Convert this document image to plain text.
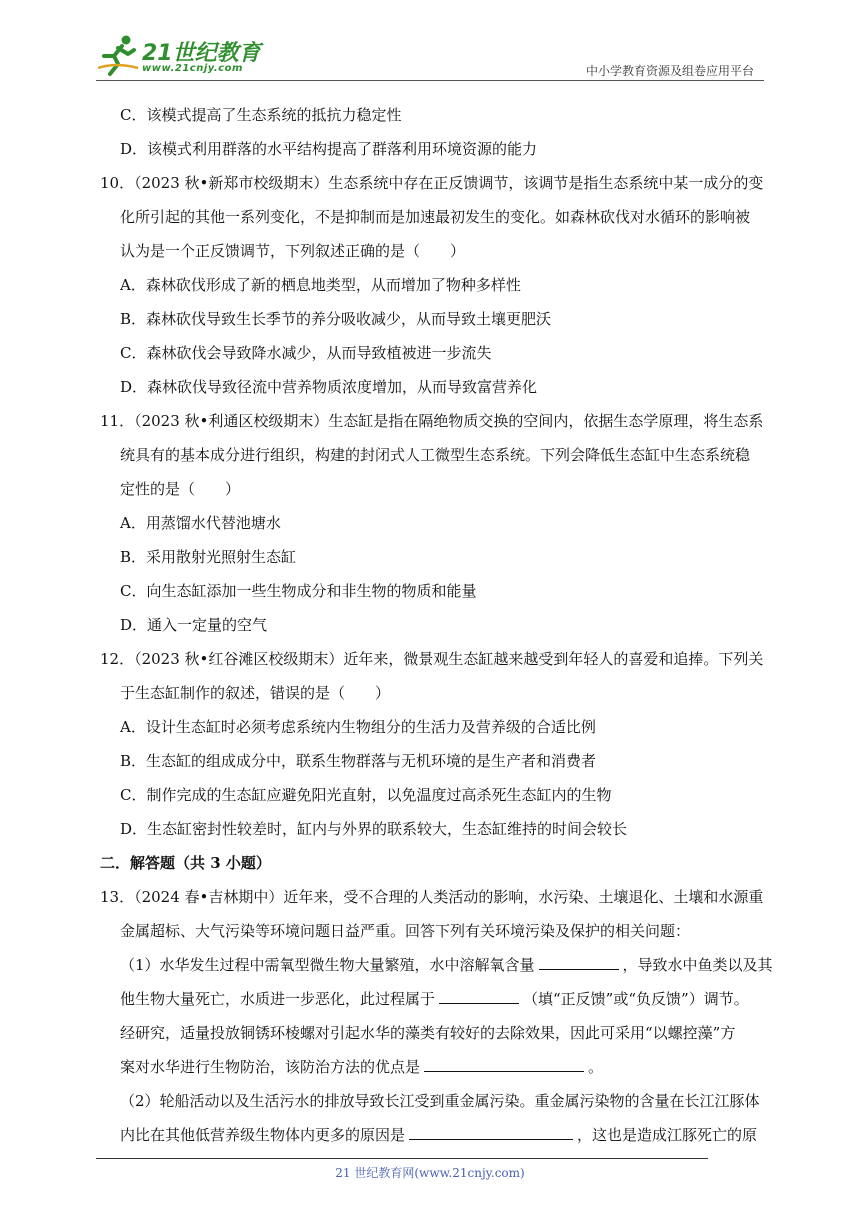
21世纪教育
www.21cnjy.com	中小学教育资源及组卷应用平台
C．该模式提高了生态系统的抵抗力稳定性
D．该模式利用群落的水平结构提高了群落利用环境资源的能力
10．（2023 秋•新郑市校级期末）生态系统中存在正反馈调节，该调节是指生态系统中某一成分的变
化所引起的其他一系列变化，不是抑制而是加速最初发生的变化。如森林砍伐对水循环的影响被
认为是一个正反馈调节，下列叙述正确的是（　　）
A．森林砍伐形成了新的栖息地类型，从而增加了物种多样性
B．森林砍伐导致生长季节的养分吸收减少，从而导致土壤更肥沃
C．森林砍伐会导致降水减少，从而导致植被进一步流失
D．森林砍伐导致径流中营养物质浓度增加，从而导致富营养化
11．（2023 秋•利通区校级期末）生态缸是指在隔绝物质交换的空间内，依据生态学原理，将生态系
统具有的基本成分进行组织，构建的封闭式人工微型生态系统。下列会降低生态缸中生态系统稳
定性的是（　　）
A．用蒸馏水代替池塘水
B．采用散射光照射生态缸
C．向生态缸添加一些生物成分和非生物的物质和能量
D．通入一定量的空气
12．（2023 秋•红谷滩区校级期末）近年来，微景观生态缸越来越受到年轻人的喜爱和追捧。下列关
于生态缸制作的叙述，错误的是（　　）
A．设计生态缸时必须考虑系统内生物组分的生活力及营养级的合适比例
B．生态缸的组成成分中，联系生物群落与无机环境的是生产者和消费者
C．制作完成的生态缸应避免阳光直射，以免温度过高杀死生态缸内的生物
D．生态缸密封性较差时，缸内与外界的联系较大，生态缸维持的时间会较长
二．解答题（共 3 小题）
13．（2024 春•吉林期中）近年来，受不合理的人类活动的影响，水污染、土壤退化、土壤和水源重
金属超标、大气污染等环境问题日益严重。回答下列有关环境污染及保护的相关问题：
（1）水华发生过程中需氧型微生物大量繁殖，水中溶解氧含量	，导致水中鱼类以及其
他生物大量死亡，水质进一步恶化，此过程属于	（填“正反馈”或“负反馈”）调节。
经研究，适量投放铜锈环棱螺对引起水华的藻类有较好的去除效果，因此可采用“以螺控藻”方
案对水华进行生物防治，该防治方法的优点是	。
（2）轮船活动以及生活污水的排放导致长江受到重金属污染。重金属污染物的含量在长江江豚体
内比在其他低营养级生物体内更多的原因是	，这也是造成江豚死亡的原
21 世纪教育网(www.21cnjy.com)
